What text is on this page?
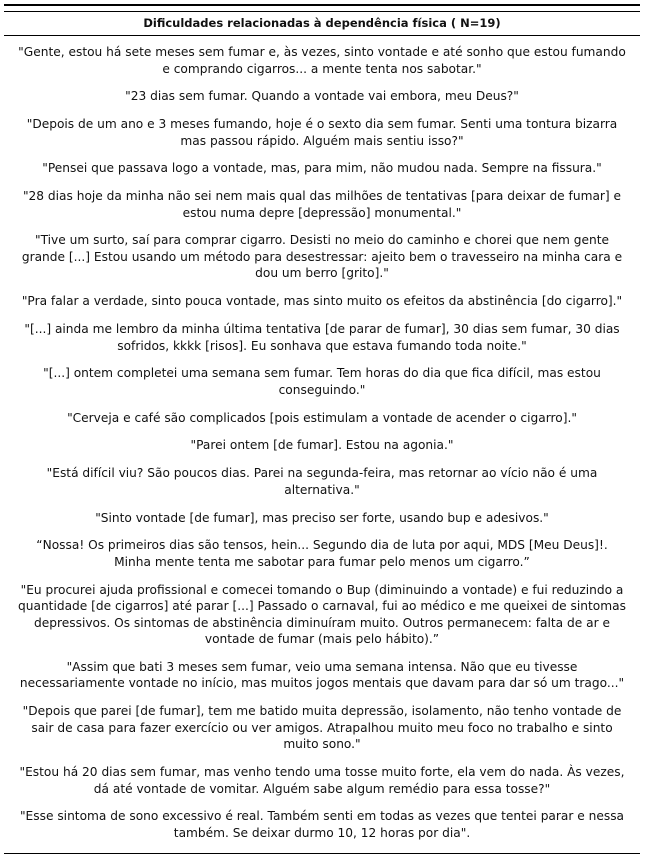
Dificuldades relacionadas à dependência física ( N=19)

"Gente, estou há sete meses sem fumar e, às vezes, sinto vontade e até sonho que estou fumando e comprando cigarros... a mente tenta nos sabotar."

"23 dias sem fumar. Quando a vontade vai embora, meu Deus?"

"Depois de um ano e 3 meses fumando, hoje é o sexto dia sem fumar. Senti uma tontura bizarra mas passou rápido. Alguém mais sentiu isso?"

"Pensei que passava logo a vontade, mas, para mim, não mudou nada. Sempre na fissura."

"28 dias hoje da minha não sei nem mais qual das milhões de tentativas [para deixar de fumar] e estou numa depre [depressão] monumental."

"Tive um surto, saí para comprar cigarro. Desisti no meio do caminho e chorei que nem gente grande [...] Estou usando um método para desestressar: ajeito bem o travesseiro na minha cara e dou um berro [grito]."

"Pra falar a verdade, sinto pouca vontade, mas sinto muito os efeitos da abstinência [do cigarro]."

"[...] ainda me lembro da minha última tentativa [de parar de fumar], 30 dias sem fumar, 30 dias sofridos, kkkk [risos]. Eu sonhava que estava fumando toda noite."

"[...] ontem completei uma semana sem fumar. Tem horas do dia que fica difícil, mas estou conseguindo."

"Cerveja e café são complicados [pois estimulam a vontade de acender o cigarro]."

"Parei ontem [de fumar]. Estou na agonia."

"Está difícil viu? São poucos dias. Parei na segunda-feira, mas retornar ao vício não é uma alternativa."

"Sinto vontade [de fumar], mas preciso ser forte, usando bup e adesivos."

“Nossa! Os primeiros dias são tensos, hein... Segundo dia de luta por aqui, MDS [Meu Deus]!. Minha mente tenta me sabotar para fumar pelo menos um cigarro.”

"Eu procurei ajuda profissional e comecei tomando o Bup (diminuindo a vontade) e fui reduzindo a quantidade [de cigarros] até parar [...] Passado o carnaval, fui ao médico e me queixei de sintomas depressivos. Os sintomas de abstinência diminuíram muito. Outros permanecem: falta de ar e vontade de fumar (mais pelo hábito).”

"Assim que bati 3 meses sem fumar, veio uma semana intensa. Não que eu tivesse necessariamente vontade no início, mas muitos jogos mentais que davam para dar só um trago..."

"Depois que parei [de fumar], tem me batido muita depressão, isolamento, não tenho vontade de sair de casa para fazer exercício ou ver amigos. Atrapalhou muito meu foco no trabalho e sinto muito sono."

"Estou há 20 dias sem fumar, mas venho tendo uma tosse muito forte, ela vem do nada. Às vezes, dá até vontade de vomitar. Alguém sabe algum remédio para essa tosse?"

"Esse sintoma de sono excessivo é real. Também senti em todas as vezes que tentei parar e nessa também. Se deixar durmo 10, 12 horas por dia".
